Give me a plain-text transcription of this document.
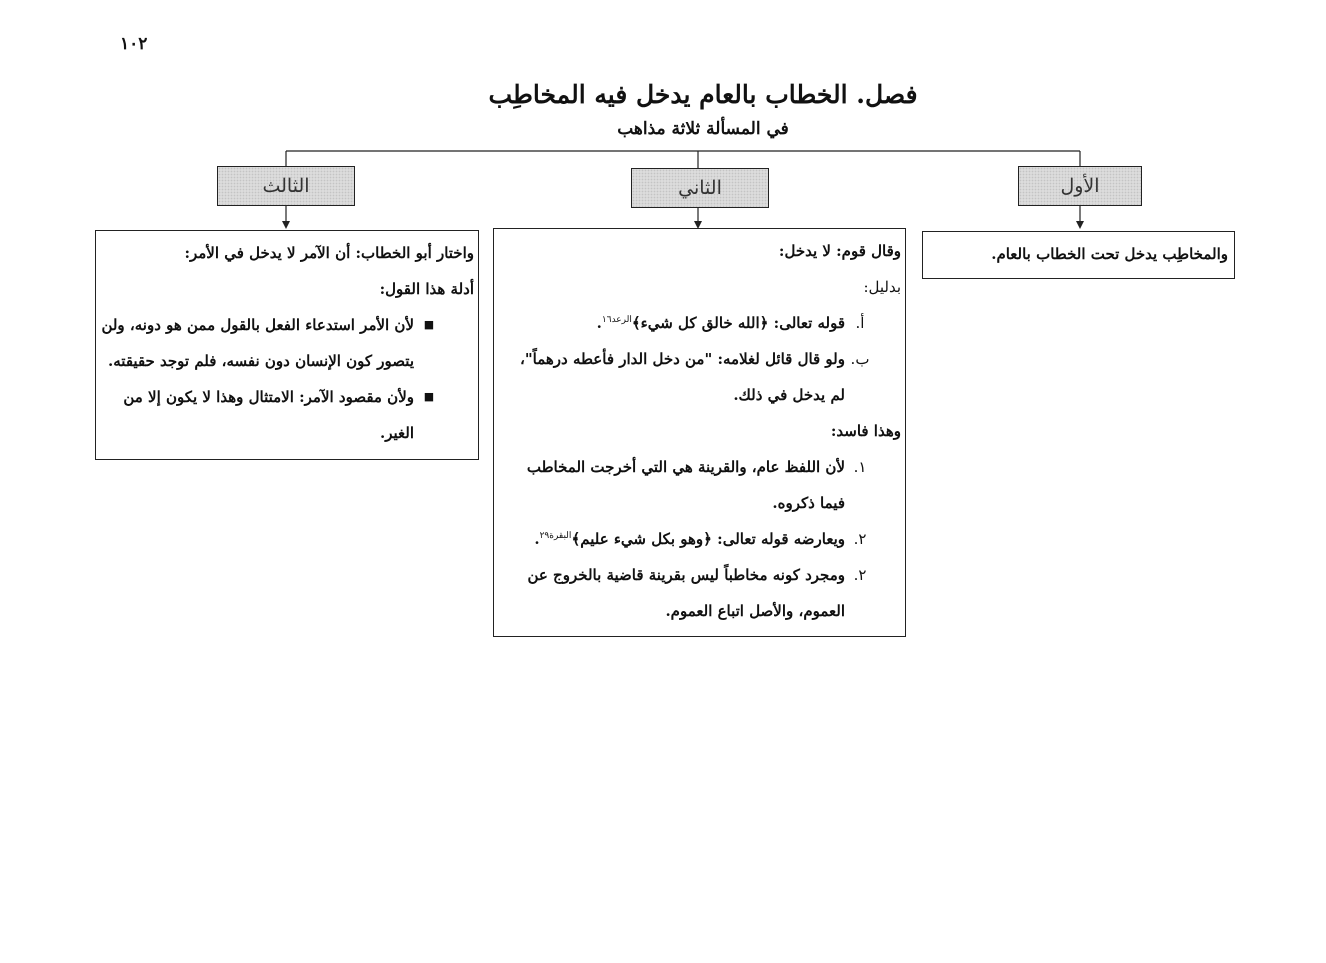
١٠٢
فصل. الخطاب بالعام يدخل فيه المخاطِب
في المسألة ثلاثة مذاهب
الأول
الثاني
الثالث
والمخاطِب يدخل تحت الخطاب بالعام.
وقال قوم: لا يدخل:
بدليل:
أ.
قوله تعالى: ﴿الله خالق كل شيء﴾$^{الرعد١٦}$.
ب.
ولو قال قائل لغلامه: "من دخل الدار فأعطه درهماً"، لم يدخل في ذلك.
وهذا فاسد:
١.
لأن اللفظ عام، والقرينة هي التي أخرجت المخاطب فيما ذكروه.
٢.
ويعارضه قوله تعالى: ﴿وهو بكل شيء عليم﴾$^{البقرة٢٩}$.
٢.
ومجرد كونه مخاطباً ليس بقرينة قاضية بالخروج عن العموم، والأصل اتباع العموم.
واختار أبو الخطاب: أن الآمر لا يدخل في الأمر:
أدلة هذا القول:
■
لأن الأمر استدعاء الفعل بالقول ممن هو دونه، ولن يتصور كون الإنسان دون نفسه، فلم توجد حقيقته.
■
ولأن مقصود الآمر: الامتثال وهذا لا يكون إلا من الغير.
